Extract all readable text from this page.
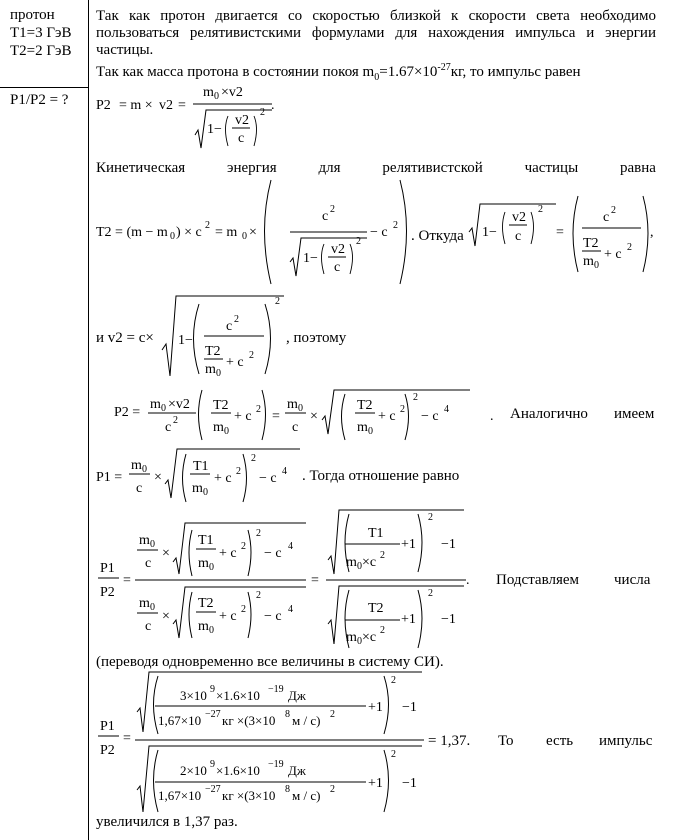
протон
T1=3 ГэВ
T2=2 ГэВ
P1/P2 = ?
Так как протон двигается со скоростью близкой к скорости света необходимо пользоваться релятивистскими формулами для нахождения импульса и энергии частицы.
Так как масса протона в состоянии покоя $m_0=1.67\times 10^{-27}кг$, то импульс равен
Кинетическая	энергия	для	релятивистской	частицы	равна
. Откуда
и v2 = c×	, поэтому
Аналогично имеем
. Тогда отношение равно
Подставляем числа
(переводя одновременно все величины в систему СИ).
= 1,37. То есть импульс
увеличился в 1,37 раз.
P2 = m × v2 =
m 0 ×v2
1−
v2
c
2 .
T2 = (m − m 0 ) × c 2 = m 0 ×
c 2
1−
v2
c
2
− c 2	1−
v2
c
2
=
c 2
T2
m 0
+ c 2
,
1−
c 2
T2
m 0
+ c 2
2
P2 =
m 0 ×v2
c 2
T2
m 0
+ c 2 =
m 0
c
×
T2
m 0
+ c 2
2
− c 4	.
P1 =
m 0
c
×
T1
m 0
+ c 2
2
− c 4
P1
P2
=
m 0
c
×
T1
m 0
+ c 2
2
− c 4
m 0
c
×
T2
m 0
+ c 2
2
− c 4
=
T1
m 0 ×c 2
+1
2
−1
T2
m 0 ×c 2
+1
2
−1
.
P1
P2
=
3×10 9 ×1.6×10 −19 Дж
1,67×10 −27 кг ×(3×10 8 м / с) 2 +1
2
−1
2×10 9 ×1.6×10 −19 Дж
1,67×10 −27 кг ×(3×10 8 м / с) 2 +1
2
−1
